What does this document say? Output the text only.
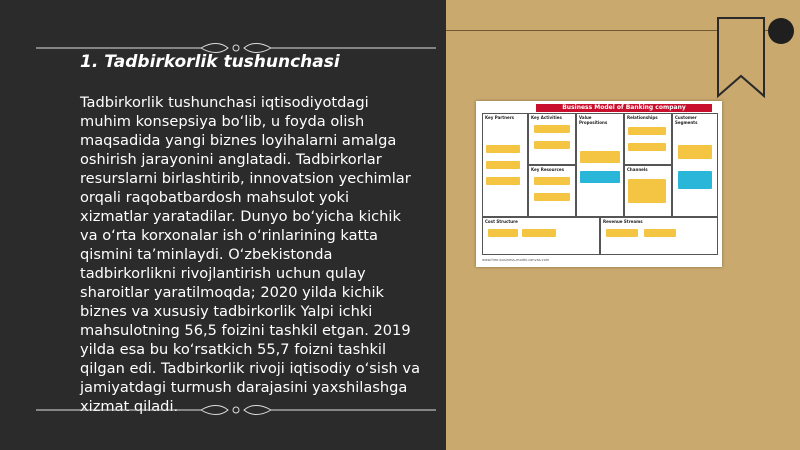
1. Tadbirkorlik tushunchasi

Tadbirkorlik tushunchasi iqtisodiyotdagi muhim konsepsiya bo‘lib, u foyda olish maqsadida yangi biznes loyihalarni amalga oshirish jarayonini anglatadi. Tadbirkorlar resurslarni birlashtirib, innovatsion yechimlar orqali raqobatbardosh mahsulot yoki xizmatlar yaratadilar. Dunyo bo‘yicha kichik va o‘rta korxonalar ish o‘rinlarining katta qismini ta’minlaydi. O‘zbekistonda tadbirkorlikni rivojlantirish uchun qulay sharoitlar yaratilmoqda; 2020 yilda kichik biznes va xususiy tadbirkorlik Yalpi ichki mahsulotning 56,5 foizini tashkil etgan. 2019 yilda esa bu ko‘rsatkich 55,7 foizni tashkil qilgan edi. Tadbirkorlik rivoji iqtisodiy o‘sish va jamiyatdagi turmush darajasini yaxshilashga xizmat qiladi.

Business Model of Banking company
Key Partners	Key Activities
Key Resources
Value Propositions
Relationships
Channels
Customer Segments
Cost Structure	Revenue Streams
www.free-business-model-canvas.com
